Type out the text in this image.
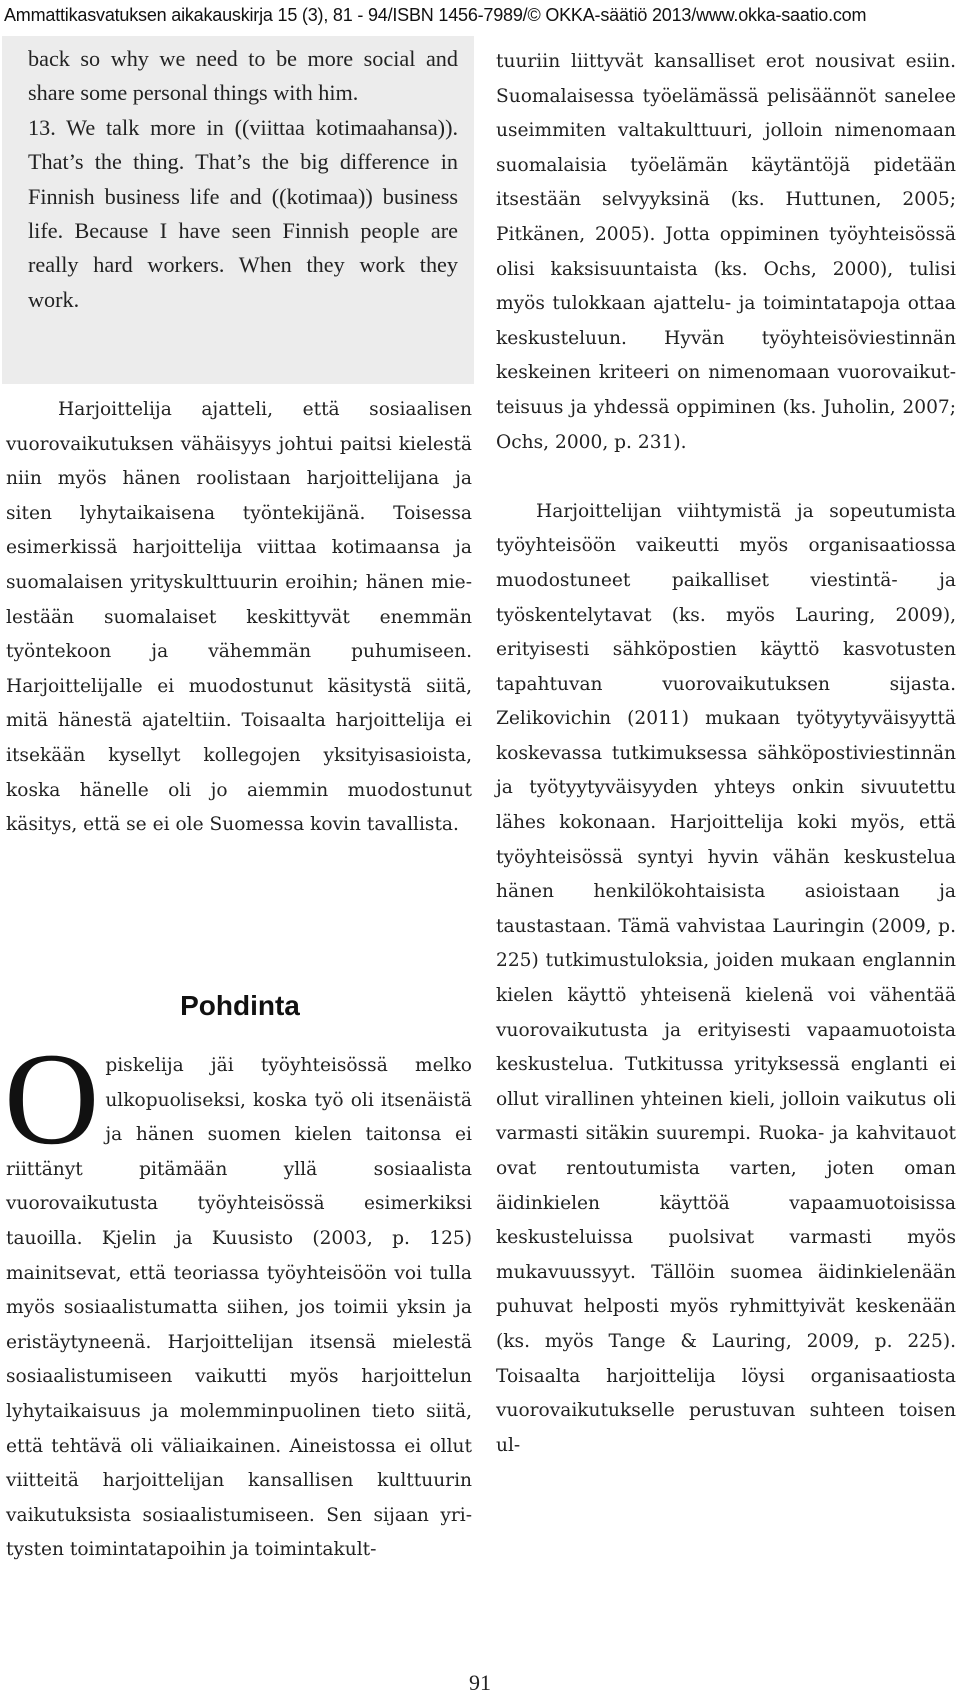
Ammattikasvatuksen aikakauskirja 15 (3), 81 - 94/ISBN 1456-7989/© OKKA-säätiö 2013/www.okka-saatio.com

back so why we need to be more social and share some personal things with him.

13. We talk more in ((viittaa kotimaahansa)). That’s the thing. That’s the big difference in Finnish business life and ((kotimaa)) business life. Because I have seen Finnish people are really hard workers. When they work they work.

Harjoittelija ajatteli, että sosiaalisen vuorovaikutuksen vähäisyys johtui paitsi kielestä niin myös hänen roolistaan harjoittelijana ja siten lyhytaikaisena työntekijänä. Toisessa esimerkissä harjoittelija viittaa kotimaansa ja suomalaisen yrityskulttuurin eroihin; hänen mielestään suomalaiset keskittyvät enemmän työntekoon ja vähemmän puhumiseen. Harjoittelijalle ei muodostunut käsitystä siitä, mitä hänestä ajateltiin. Toisaalta harjoittelija ei itsekään kysellyt kollegojen yksityisasioista, koska hänelle oli jo aiemmin muodostunut käsitys, että se ei ole Suomessa kovin tavallista.

Pohdinta

Opiskelija jäi työyhteisössä melko ulkopuoliseksi, koska työ oli itsenäistä ja hänen suomen kielen taitonsa ei riittänyt pitämään yllä sosiaalista vuorovaikutusta työyhteisössä esimerkiksi tauoilla. Kjelin ja Kuusisto (2003, p. 125) mainitsevat, että teoriassa työyhteisöön voi tulla myös sosiaalistumatta siihen, jos toimii yksin ja eristäytyneenä. Harjoittelijan itsensä mielestä sosiaalistumiseen vaikutti myös harjoittelun lyhytaikaisuus ja molemminpuolinen tieto siitä, että tehtävä oli väliaikainen. Aineistossa ei ollut viitteitä harjoittelijan kansallisen kulttuurin vaikutuksista sosiaalistumiseen. Sen sijaan yritysten toimintatapoihin ja toimintakult-

tuuriin liittyvät kansalliset erot nousivat esiin. Suomalaisessa työelämässä pelisäännöt sanelee useimmiten valtakulttuuri, jolloin nimenomaan suomalaisia työelämän käytäntöjä pidetään itsestään selvyyksinä (ks. Huttunen, 2005; Pitkänen, 2005). Jotta oppiminen työyhteisössä olisi kaksisuuntaista (ks. Ochs, 2000), tulisi myös tulokkaan ajattelu- ja toimintatapoja ottaa keskusteluun. Hyvän työyhteisöviestinnän keskeinen kriteeri on nimenomaan vuorovaikutteisuus ja yhdessä oppiminen (ks. Juholin, 2007; Ochs, 2000, p. 231).

Harjoittelijan viihtymistä ja sopeutumista työyhteisöön vaikeutti myös organisaatiossa muodostuneet paikalliset viestintä- ja työskentelytavat (ks. myös Lauring, 2009), erityisesti sähköpostien käyttö kasvotusten tapahtuvan vuorovaikutuksen sijasta. Zelikovichin (2011) mukaan työtyytyväisyyttä koskevassa tutkimuksessa sähköpostiviestinnän ja työtyytyväisyyden yhteys onkin sivuutettu lähes kokonaan. Harjoittelija koki myös, että työyhteisössä syntyi hyvin vähän keskustelua hänen henkilökohtaisista asioistaan ja taustastaan. Tämä vahvistaa Lauringin (2009, p. 225) tutkimustuloksia, joiden mukaan englannin kielen käyttö yhteisenä kielenä voi vähentää vuorovaikutusta ja erityisesti vapaamuotoista keskustelua. Tutkitussa yrityksessä englanti ei ollut virallinen yhteinen kieli, jolloin vaikutus oli varmasti sitäkin suurempi. Ruoka- ja kahvitauot ovat rentoutumista varten, joten oman äidinkielen käyttöä vapaamuotoisissa keskusteluissa puolsivat varmasti myös mukavuussyyt. Tällöin suomea äidinkielenään puhuvat helposti myös ryhmittyivät keskenään (ks. myös Tange & Lauring, 2009, p. 225). Toisaalta harjoittelija löysi organisaatiosta vuorovaikutukselle perustuvan suhteen toisen ul-

91
